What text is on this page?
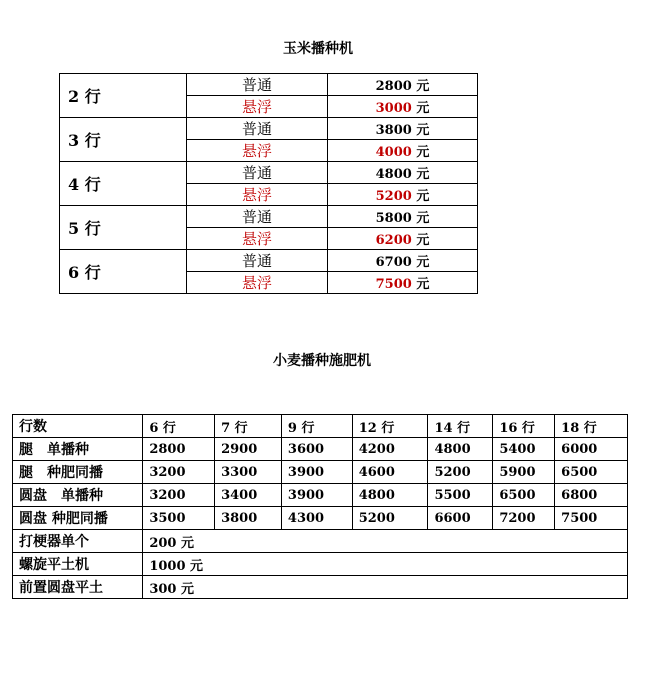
玉米播种机
2 行	普通	2800 元
	悬浮	3000 元
3 行	普通	3800 元
	悬浮	4000 元
4 行	普通	4800 元
	悬浮	5200 元
5 行	普通	5800 元
	悬浮	6200 元
6 行	普通	6700 元
	悬浮	7500 元
小麦播种施肥机
行数	6 行	7 行	9 行	12 行	14 行	16 行	18 行
腿　单播种	2800	2900	3600	4200	4800	5400	6000
腿　种肥同播	3200	3300	3900	4600	5200	5900	6500
圆盘　单播种	3200	3400	3900	4800	5500	6500	6800
圆盘 种肥同播	3500	3800	4300	5200	6600	7200	7500
打梗器单个	200 元						
螺旋平土机	1000 元						
前置圆盘平土	300 元						
